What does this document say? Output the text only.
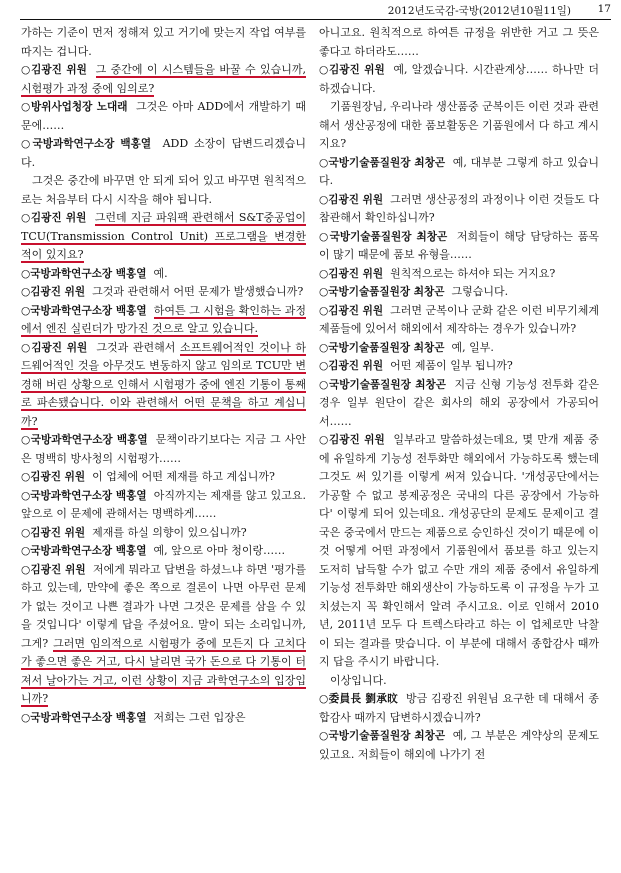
2012년도국감-국방(2012년10월11일)	17

가하는 기준이 먼저 정해져 있고 거기에 맞는지 작업 여부를 따지는 겁니다.

○김광진 위원 그 중간에 이 시스템들을 바꿀 수 있습니까, 시험평가 과정 중에 임의로?

○방위사업청장 노대래 그것은 아마 ADD에서 개발하기 때문에……

○국방과학연구소장 백홍열 ADD 소장이 답변드리겠습니다.

그것은 중간에 바꾸면 안 되게 되어 있고 바꾸면 원칙적으로는 처음부터 다시 시작을 해야 됩니다.

○김광진 위원 그런데 지금 파워팩 관련해서 S&T중공업이 TCU(Transmission Control Unit) 프로그램을 변경한 적이 있지요?

○국방과학연구소장 백홍열 예.

○김광진 위원 그것과 관련해서 어떤 문제가 발생했습니까?

○국방과학연구소장 백홍열 하여튼 그 시험을 확인하는 과정에서 엔진 실린더가 망가진 것으로 알고 있습니다.

○김광진 위원 그것과 관련해서 소프트웨어적인 것이나 하드웨어적인 것을 아무것도 변동하지 않고 임의로 TCU만 변경해 버린 상황으로 인해서 시험평가 중에 엔진 기통이 통째로 파손됐습니다. 이와 관련해서 어떤 문책을 하고 계십니까?

○국방과학연구소장 백홍열 문책이라기보다는 지금 그 사안은 명백히 방사청의 시험평가……

○김광진 위원 이 업체에 어떤 제재를 하고 계십니까?

○국방과학연구소장 백홍열 아직까지는 제재를 않고 있고요. 앞으로 이 문제에 관해서는 명백하게……

○김광진 위원 제재를 하실 의향이 있으십니까?

○국방과학연구소장 백홍열 예, 앞으로 아마 청이랑……

○김광진 위원 저에게 뭐라고 답변을 하셨느냐 하면 '평가를 하고 있는데, 만약에 좋은 쪽으로 결론이 나면 아무런 문제가 없는 것이고 나쁜 결과가 나면 그것은 문제를 삼을 수 있을 것입니다' 이렇게 답을 주셨어요. 말이 되는 소리입니까, 그게? 그러면 임의적으로 시험평가 중에 모든지 다 고치다가 좋으면 좋은 거고, 다시 날리면 국가 돈으로 다 기통이 터져서 날아가는 거고, 이런 상황이 지금 과학연구소의 입장입니까?

○국방과학연구소장 백홍열 저희는 그런 입장은

아니고요. 원칙적으로 하여튼 규정을 위반한 거고 그 뜻은 좋다고 하더라도……

○김광진 위원 예, 알겠습니다. 시간관계상…… 하나만 더 하겠습니다.

기품원장님, 우리나라 생산품중 군복이든 이런 것과 관련해서 생산공정에 대한 품보활동은 기품원에서 다 하고 계시지요?

○국방기술품질원장 최창곤 예, 대부분 그렇게 하고 있습니다.

○김광진 위원 그러면 생산공정의 과정이나 이런 것들도 다 참관해서 확인하십니까?

○국방기술품질원장 최창곤 저희들이 해당 담당하는 품목이 많기 때문에 품보 유형을……

○김광진 위원 원칙적으로는 하셔야 되는 거지요?

○국방기술품질원장 최창곤 그렇습니다.

○김광진 위원 그러면 군복이나 군화 같은 이런 비무기체계 제품들에 있어서 해외에서 제작하는 경우가 있습니까?

○국방기술품질원장 최창곤 예, 일부.

○김광진 위원 어떤 제품이 일부 됩니까?

○국방기술품질원장 최창곤 지금 신형 기능성 전투화 같은 경우 일부 원단이 같은 회사의 해외 공장에서 가공되어서……

○김광진 위원 일부라고 말씀하셨는데요, 몇 만개 제품 중에 유일하게 기능성 전투화만 해외에서 가능하도록 했는데 그것도 써 있기를 이렇게 써져 있습니다. '개성공단에서는 가공할 수 없고 봉제공정은 국내의 다른 공장에서 가능하다' 이렇게 되어 있는데요. 개성공단의 문제도 문제이고 결국은 중국에서 만드는 제품으로 승인하신 것이기 때문에 이것 어떻게 어떤 과정에서 기품원에서 품보를 하고 있는지 도저히 납득할 수가 없고 수만 개의 제품 중에서 유일하게 기능성 전투화만 해외생산이 가능하도록 이 규정을 누가 고치셨는지 꼭 확인해서 알려 주시고요. 이로 인해서 2010년, 2011년 모두 다 트렉스타라고 하는 이 업체로만 낙찰이 되는 결과를 맞습니다. 이 부분에 대해서 종합감사 때까지 답을 주시기 바랍니다.

이상입니다.

○委員長 劉承旼 방금 김광진 위원님 요구한 데 대해서 종합감사 때까지 답변하시겠습니까?

○국방기술품질원장 최창곤 예, 그 부분은 계약상의 문제도 있고요. 저희들이 해외에 나가기 전
